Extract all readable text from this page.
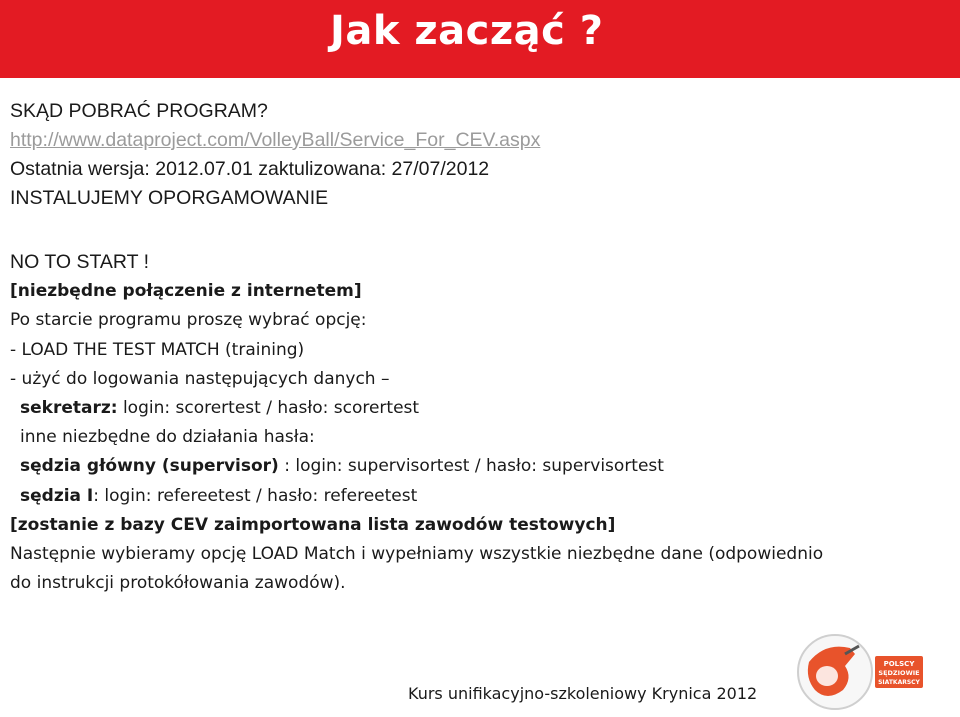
Jak zacząć ?
SKĄD POBRAĆ PROGRAM?
http://www.dataproject.com/VolleyBall/Service_For_CEV.aspx
Ostatnia wersja: 2012.07.01 zaktulizowana: 27/07/2012
INSTALUJEMY OPORGAMOWANIE
NO TO START !
[niezbędne połączenie z internetem]
Po starcie programu proszę wybrać opcję:
- LOAD THE TEST MATCH (training)
- użyć do logowania następujących danych –
sekretarz: login: scorertest / hasło: scorertest
inne niezbędne do działania hasła:
sędzia główny (supervisor) : login: supervisortest / hasło: supervisortest
sędzia I: login: refereetest / hasło: refereetest
[zostanie z bazy CEV zaimportowana lista zawodów testowych]
Następnie wybieramy opcję LOAD Match i wypełniamy wszystkie niezbędne dane (odpowiednio
do instrukcji protokółowania zawodów).
Kurs unifikacyjno-szkoleniowy Krynica 2012
POLSCY
SĘDZIOWIE
SIATKARSCY
